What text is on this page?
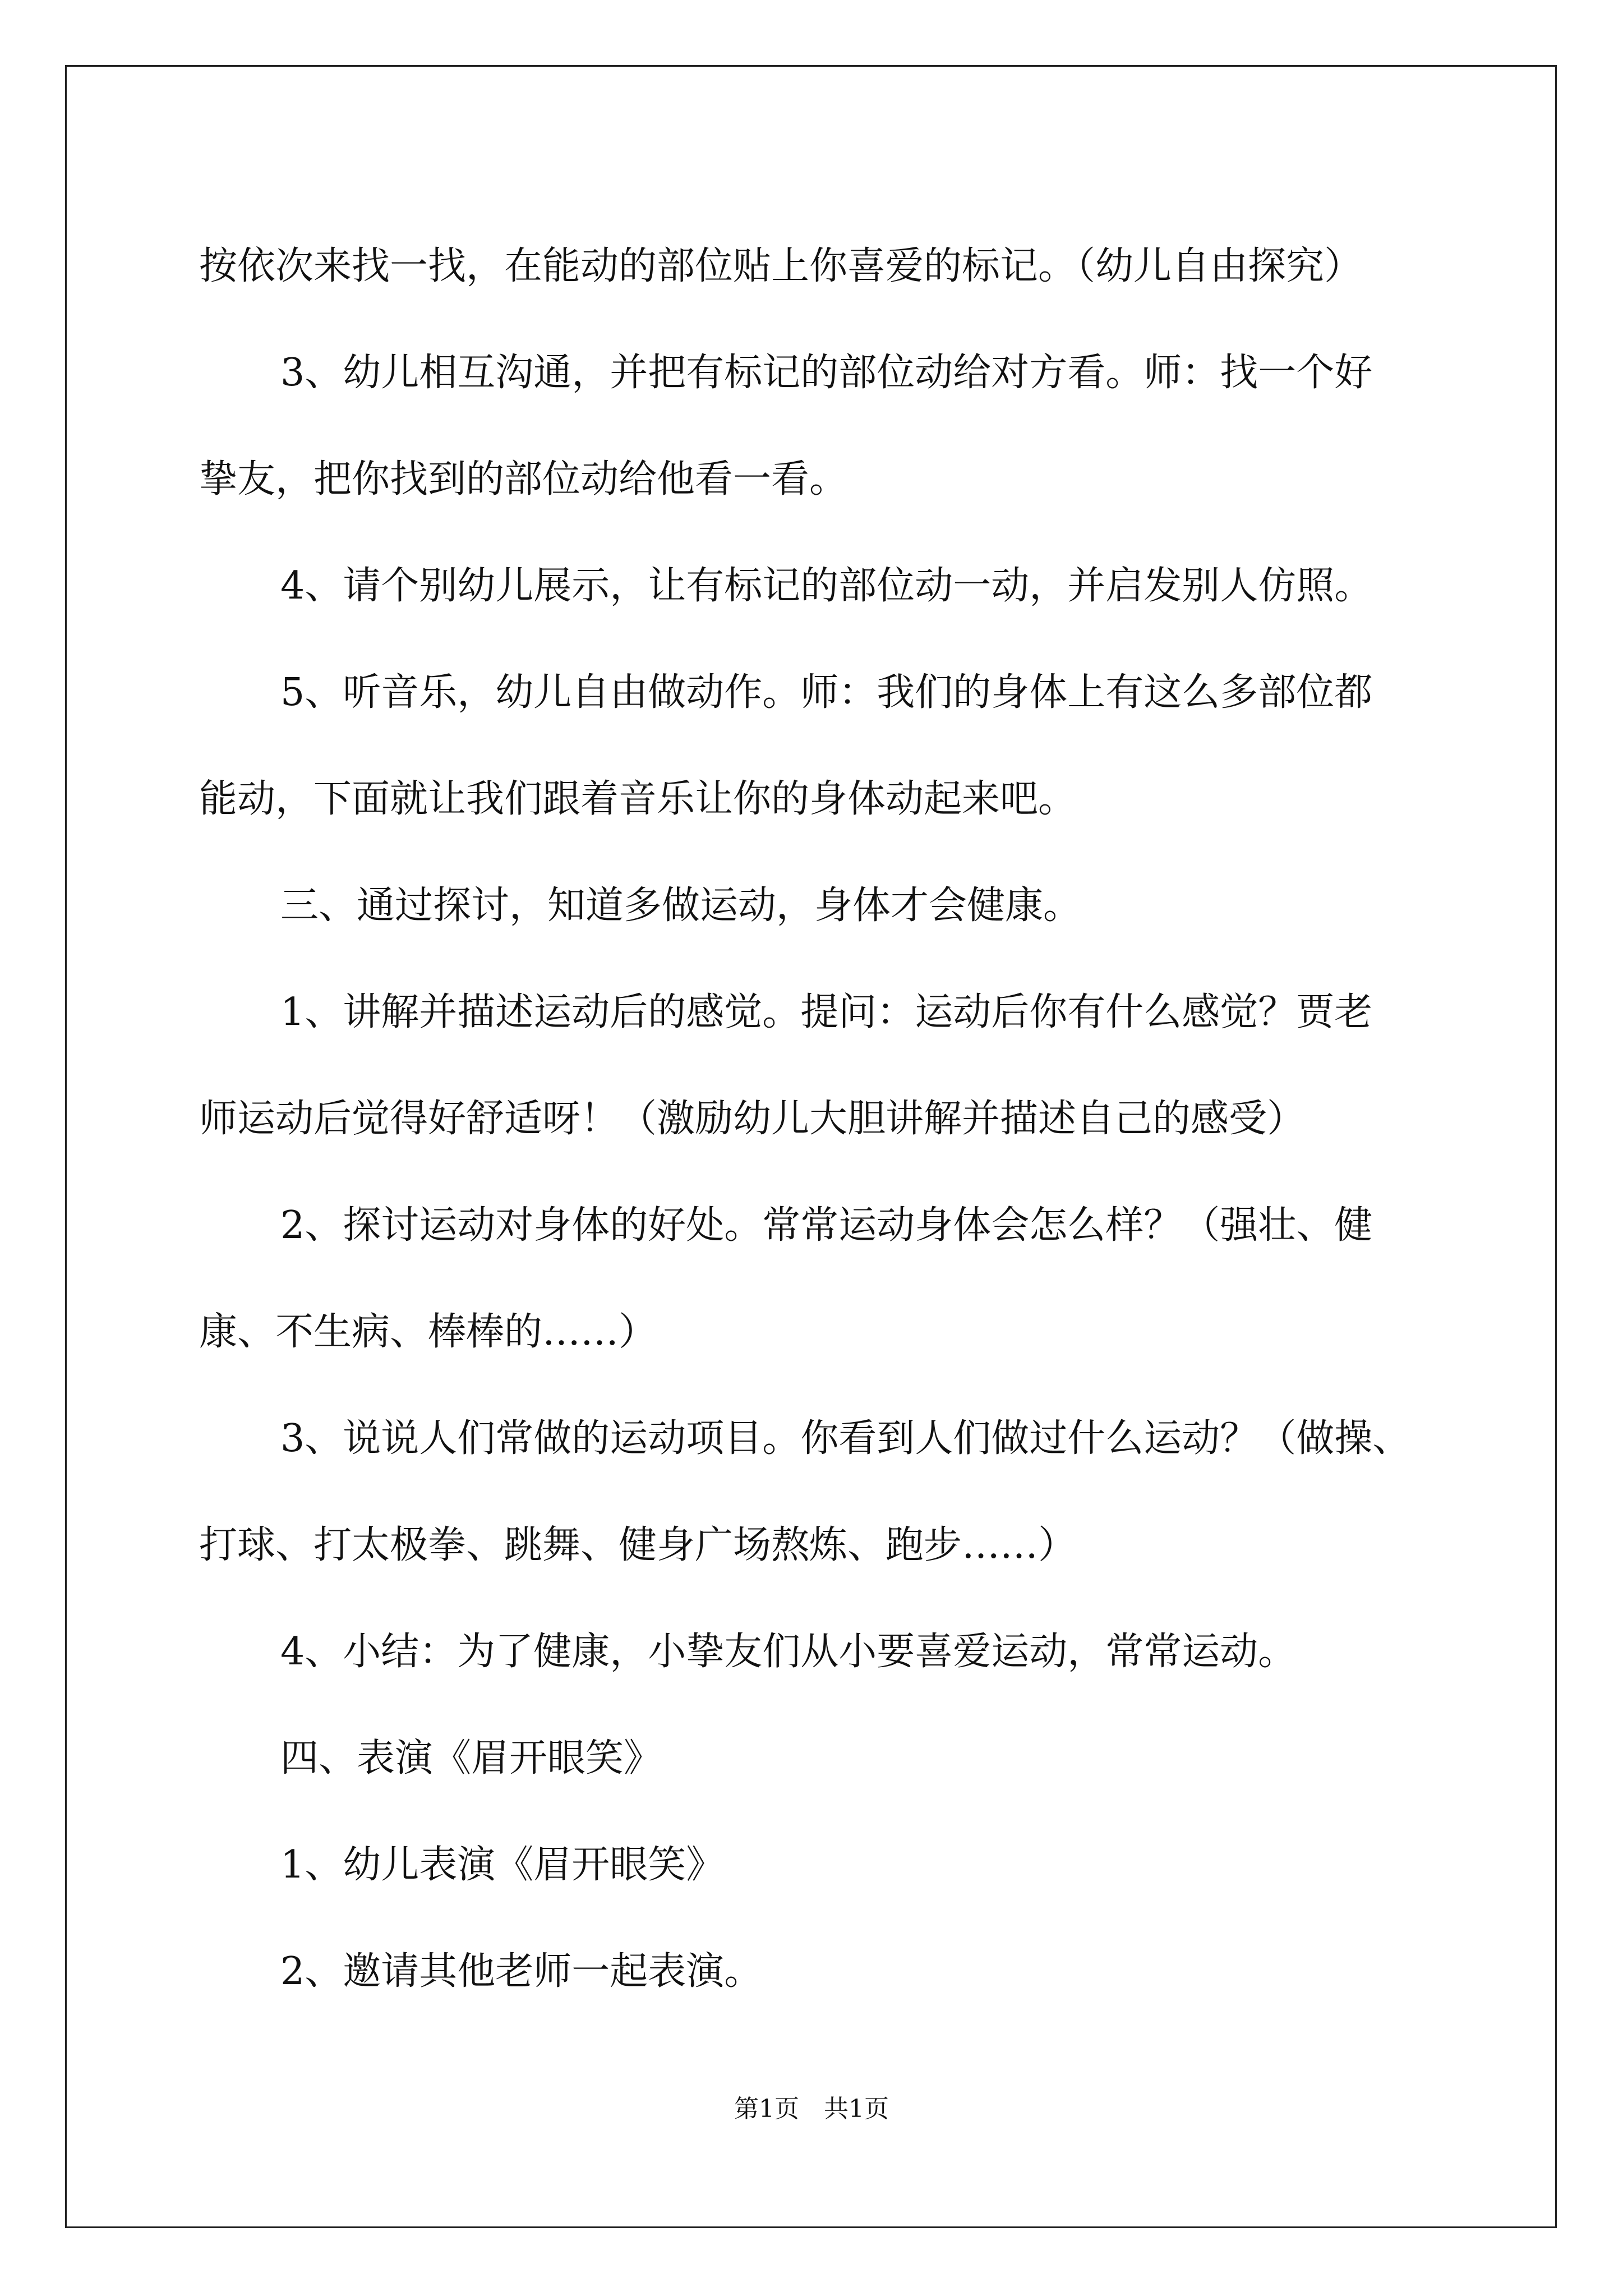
按依次来找一找，在能动的部位贴上你喜爱的标记。（幼儿自由探究）

3、幼儿相互沟通，并把有标记的部位动给对方看。师：找一个好

挚友，把你找到的部位动给他看一看。

4、请个别幼儿展示，让有标记的部位动一动，并启发别人仿照。

5、听音乐，幼儿自由做动作。师：我们的身体上有这么多部位都

能动，下面就让我们跟着音乐让你的身体动起来吧。

三、通过探讨，知道多做运动，身体才会健康。

1、讲解并描述运动后的感觉。提问：运动后你有什么感觉？贾老

师运动后觉得好舒适呀！（激励幼儿大胆讲解并描述自己的感受）

2、探讨运动对身体的好处。常常运动身体会怎么样？（强壮、健

康、不生病、棒棒的……）

3、说说人们常做的运动项目。你看到人们做过什么运动？（做操、

打球、打太极拳、跳舞、健身广场熬炼、跑步……）

4、小结：为了健康，小挚友们从小要喜爱运动，常常运动。

四、表演《眉开眼笑》

1、幼儿表演《眉开眼笑》

2、邀请其他老师一起表演。

第1页　共1页
